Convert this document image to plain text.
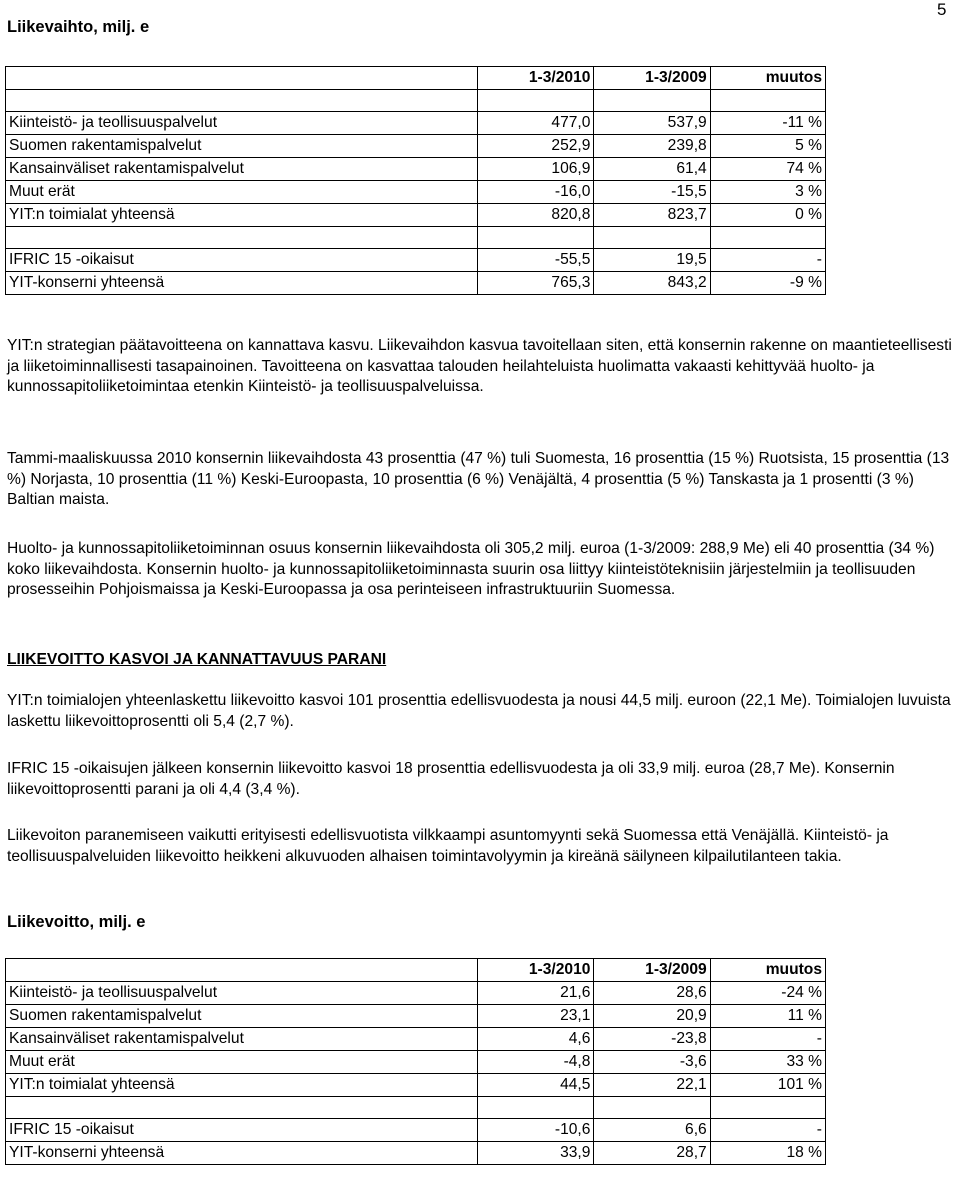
5
Liikevaihto, milj. e
	1-3/2010	1-3/2009	muutos

Kiinteistö- ja teollisuuspalvelut	477,0	537,9	-11 %
Suomen rakentamispalvelut	252,9	239,8	5 %
Kansainväliset rakentamispalvelut	106,9	61,4	74 %
Muut erät	-16,0	-15,5	3 %
YIT:n toimialat yhteensä	820,8	823,7	0 %

IFRIC 15 -oikaisut	-55,5	19,5	-
YIT-konserni yhteensä	765,3	843,2	-9 %
YIT:n strategian päätavoitteena on kannattava kasvu. Liikevaihdon kasvua tavoitellaan siten, että konsernin rakenne on maantieteellisesti ja liiketoiminnallisesti tasapainoinen. Tavoitteena on kasvattaa talouden heilahteluista huolimatta vakaasti kehittyvää huolto- ja kunnossapitoliiketoimintaa etenkin Kiinteistö- ja teollisuuspalveluissa.
Tammi-maaliskuussa 2010 konsernin liikevaihdosta 43 prosenttia (47 %) tuli Suomesta, 16 prosenttia (15 %) Ruotsista, 15 prosenttia (13 %) Norjasta, 10 prosenttia (11 %) Keski-Euroopasta, 10 prosenttia (6 %) Venäjältä, 4 prosenttia (5 %) Tanskasta ja 1 prosentti (3 %) Baltian maista.
Huolto- ja kunnossapitoliiketoiminnan osuus konsernin liikevaihdosta oli 305,2 milj. euroa (1-3/2009: 288,9 Me) eli 40 prosenttia (34 %) koko liikevaihdosta. Konsernin huolto- ja kunnossapitoliiketoiminnasta suurin osa liittyy kiinteistöteknisiin järjestelmiin ja teollisuuden prosesseihin Pohjoismaissa ja Keski-Euroopassa ja osa perinteiseen infrastruktuuriin Suomessa.
LIIKEVOITTO KASVOI JA KANNATTAVUUS PARANI
YIT:n toimialojen yhteenlaskettu liikevoitto kasvoi 101 prosenttia edellisvuodesta ja nousi 44,5 milj. euroon (22,1 Me). Toimialojen luvuista laskettu liikevoittoprosentti oli 5,4 (2,7 %).
IFRIC 15 -oikaisujen jälkeen konsernin liikevoitto kasvoi 18 prosenttia edellisvuodesta ja oli 33,9 milj. euroa (28,7 Me). Konsernin liikevoittoprosentti parani ja oli 4,4 (3,4 %).
Liikevoiton paranemiseen vaikutti erityisesti edellisvuotista vilkkaampi asuntomyynti sekä Suomessa että Venäjällä. Kiinteistö- ja teollisuuspalveluiden liikevoitto heikkeni alkuvuoden alhaisen toimintavolyymin ja kireänä säilyneen kilpailutilanteen takia.
Liikevoitto, milj. e
	1-3/2010	1-3/2009	muutos
Kiinteistö- ja teollisuuspalvelut	21,6	28,6	-24 %
Suomen rakentamispalvelut	23,1	20,9	11 %
Kansainväliset rakentamispalvelut	4,6	-23,8	-
Muut erät	-4,8	-3,6	33 %
YIT:n toimialat yhteensä	44,5	22,1	101 %

IFRIC 15 -oikaisut	-10,6	6,6	-
YIT-konserni yhteensä	33,9	28,7	18 %
